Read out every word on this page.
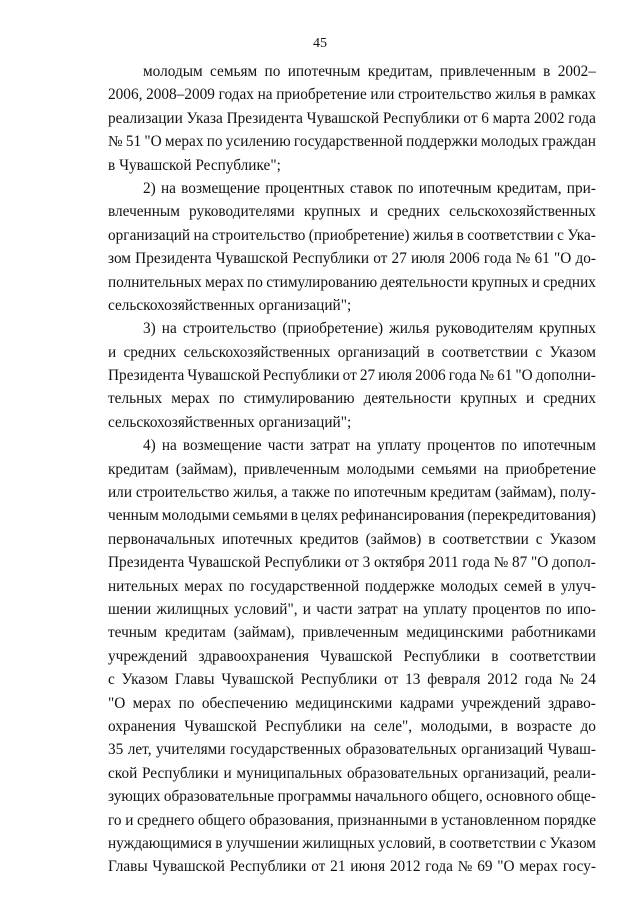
45
молодым семьям по ипотечным кредитам, привлеченным в 2002–
2006, 2008–2009 годах на приобретение или строительство жилья в рамках
реализации Указа Президента Чувашской Республики от 6 марта 2002 года
№ 51 "О мерах по усилению государственной поддержки молодых граждан
в Чувашской Республике";
2) на возмещение процентных ставок по ипотечным кредитам, при-
влеченным руководителями крупных и средних сельскохозяйственных
организаций на строительство (приобретение) жилья в соответствии с Ука-
зом Президента Чувашской Республики от 27 июля 2006 года № 61 "О до-
полнительных мерах по стимулированию деятельности крупных и средних
сельскохозяйственных организаций";
3) на строительство (приобретение) жилья руководителям крупных
и средних сельскохозяйственных организаций в соответствии с Указом
Президента Чувашской Республики от 27 июля 2006 года № 61 "О дополни-
тельных мерах по стимулированию деятельности крупных и средних
сельскохозяйственных организаций";
4) на возмещение части затрат на уплату процентов по ипотечным
кредитам (займам), привлеченным молодыми семьями на приобретение
или строительство жилья, а также по ипотечным кредитам (займам), полу-
ченным молодыми семьями в целях рефинансирования (перекредитования)
первоначальных ипотечных кредитов (займов) в соответствии с Указом
Президента Чувашской Республики от 3 октября 2011 года № 87 "О допол-
нительных мерах по государственной поддержке молодых семей в улуч-
шении жилищных условий", и части затрат на уплату процентов по ипо-
течным кредитам (займам), привлеченным медицинскими работниками
учреждений здравоохранения Чувашской Республики в соответствии
с Указом Главы Чувашской Республики от 13 февраля 2012 года № 24
"О мерах по обеспечению медицинскими кадрами учреждений здраво-
охранения Чувашской Республики на селе", молодыми, в возрасте до
35 лет, учителями государственных образовательных организаций Чуваш-
ской Республики и муниципальных образовательных организаций, реали-
зующих образовательные программы начального общего, основного обще-
го и среднего общего образования, признанными в установленном порядке
нуждающимися в улучшении жилищных условий, в соответствии с Указом
Главы Чувашской Республики от 21 июня 2012 года № 69 "О мерах госу-
